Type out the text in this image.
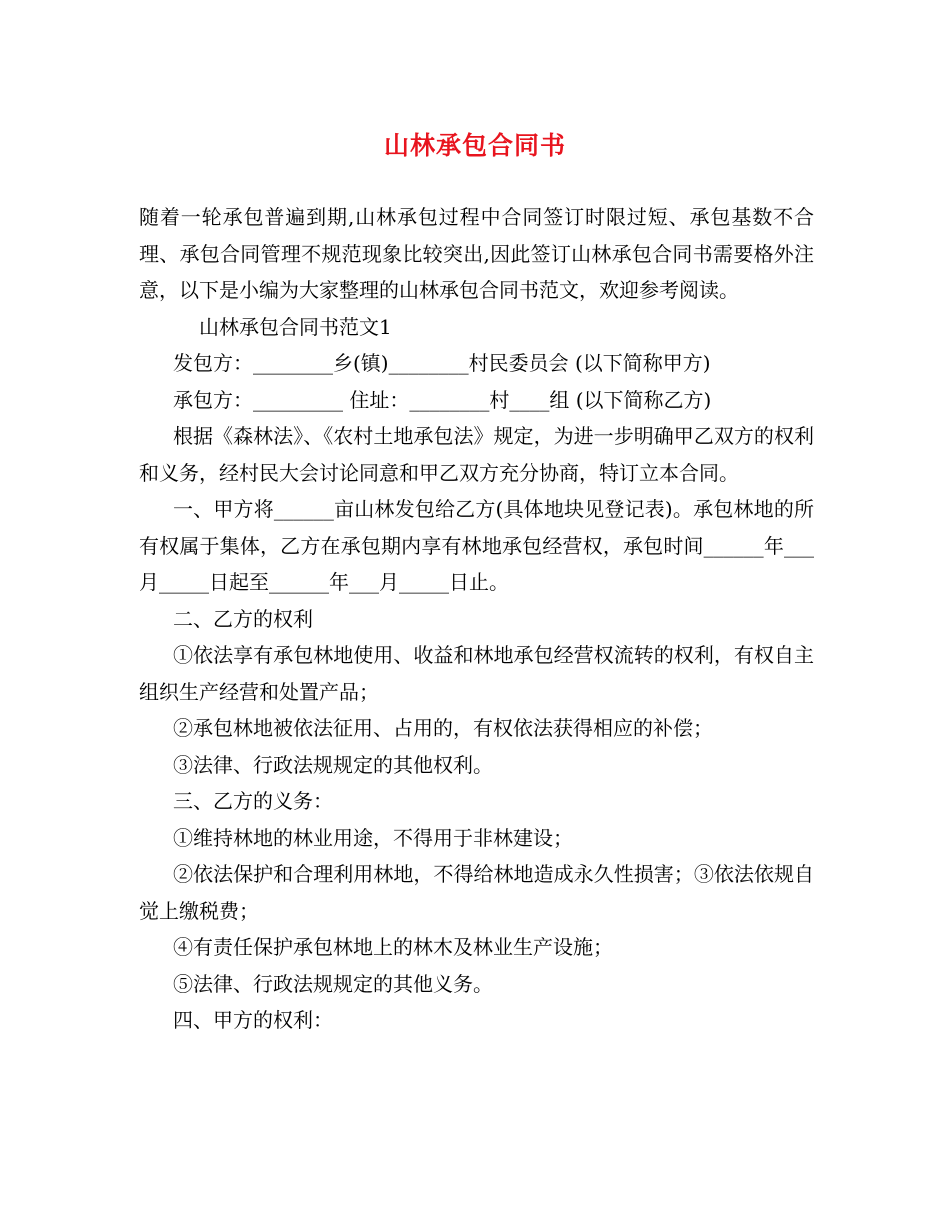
山林承包合同书

随着一轮承包普遍到期,山林承包过程中合同签订时限过短、承包基数不合理、承包合同管理不规范现象比较突出,因此签订山林承包合同书需要格外注意，以下是小编为大家整理的山林承包合同书范文，欢迎参考阅读。

山林承包合同书范文1

发包方：________乡(镇)________村民委员会 (以下简称甲方)

承包方：_________ 住址：________村____组 (以下简称乙方)

根据《森林法》、《农村土地承包法》规定，为进一步明确甲乙双方的权利和义务，经村民大会讨论同意和甲乙双方充分协商，特订立本合同。

一、甲方将______亩山林发包给乙方(具体地块见登记表)。承包林地的所有权属于集体，乙方在承包期内享有林地承包经营权，承包时间______年___月_____日起至______年___月_____日止。

二、乙方的权利

①依法享有承包林地使用、收益和林地承包经营权流转的权利，有权自主组织生产经营和处置产品；

②承包林地被依法征用、占用的，有权依法获得相应的补偿；

③法律、行政法规规定的其他权利。

三、乙方的义务：

①维持林地的林业用途，不得用于非林建设；

②依法保护和合理利用林地，不得给林地造成永久性损害；③依法依规自觉上缴税费；

④有责任保护承包林地上的林木及林业生产设施；

⑤法律、行政法规规定的其他义务。

四、甲方的权利：
